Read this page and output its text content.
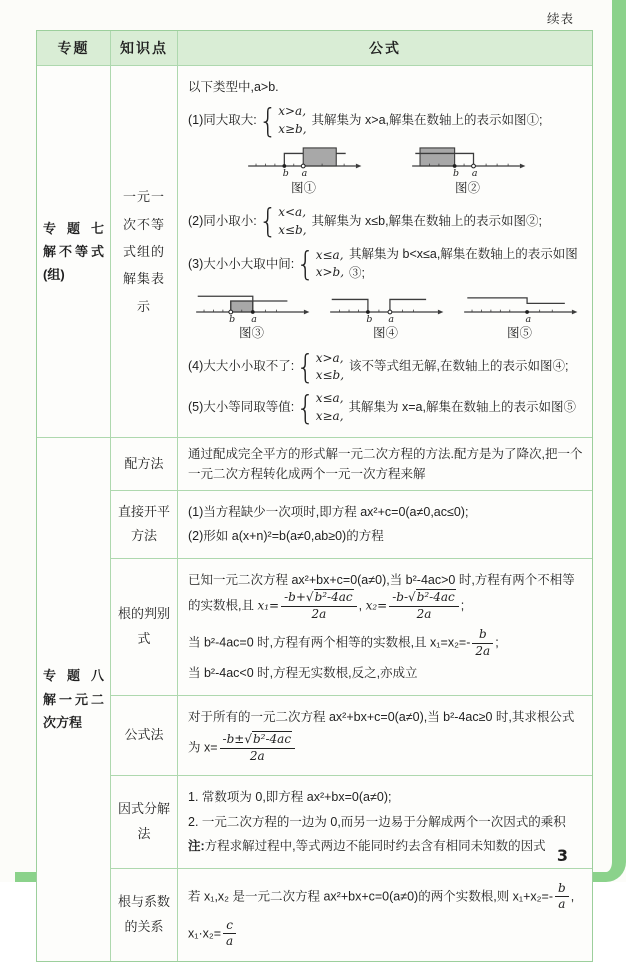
续表
专题	知识点	公式
专题七　解不等式(组)
一元一次不等式组的解集表示
以下类型中,a>b.
(1)同大取大: { x>a,
x≥b,
其解集为 x>a,解集在数轴上的表示如图①;
b a
图①
b a
图②
(2)同小取小: { x<a,
x≤b,
其解集为 x≤b,解集在数轴上的表示如图②;
(3)大小小大取中间: { x≤a,
x>b,
其解集为 b<x≤a,解集在数轴上的表示如图③;
b a
图③
b a
图④
a
图⑤
(4)大大小小取不了: { x>a,
x≤b,
该不等式组无解,在数轴上的表示如图④;
(5)大小等同取等值: { x≤a,
x≥a,
其解集为 x=a,解集在数轴上的表示如图⑤
专题八　解一元二次方程
配方法
通过配成完全平方的形式解一元二次方程的方法.配方是为了降次,把一个一元二次方程转化成两个一元一次方程来解
直接开平方法
(1)当方程缺少一次项时,即方程 ax²+c=0(a≠0,ac≤0);
(2)形如 a(x+n)²=b(a≠0,ab≥0)的方程
根的判别式
已知一元二次方程 ax²+bx+c=0(a≠0),当 b²-4ac>0 时,方程有两个不相等的实数根,且 $x_1= \frac{\text{-b+√b²-4ac}}{2a}$ , $x_2= \frac{\text{-b-√b²-4ac}}{2a}$ ;
当 b²-4ac=0 时,方程有两个相等的实数根,且 $x_1=x_2=- \frac{b}{2a}$ ;
当 b²-4ac<0 时,方程无实数根,反之,亦成立
公式法
对于所有的一元二次方程 ax²+bx+c=0(a≠0),当 b²-4ac≥0 时,其求根公式
为 $x= \frac{\text{-b±√b²-4ac}}{2a}$
因式分解法
1. 常数项为 0,即方程 ax²+bx=0(a≠0);
2. 一元二次方程的一边为 0,而另一边易于分解成两个一次因式的乘积
注:方程求解过程中,等式两边不能同时约去含有相同未知数的因式
根与系数的关系
若 x₁,x₂ 是一元二次方程 ax²+bx+c=0(a≠0)的两个实数根,则 $x_1+x_2=- \frac{b}{a}$ ,
$x_1\cdot x_2= \frac{c}{a}$
3
